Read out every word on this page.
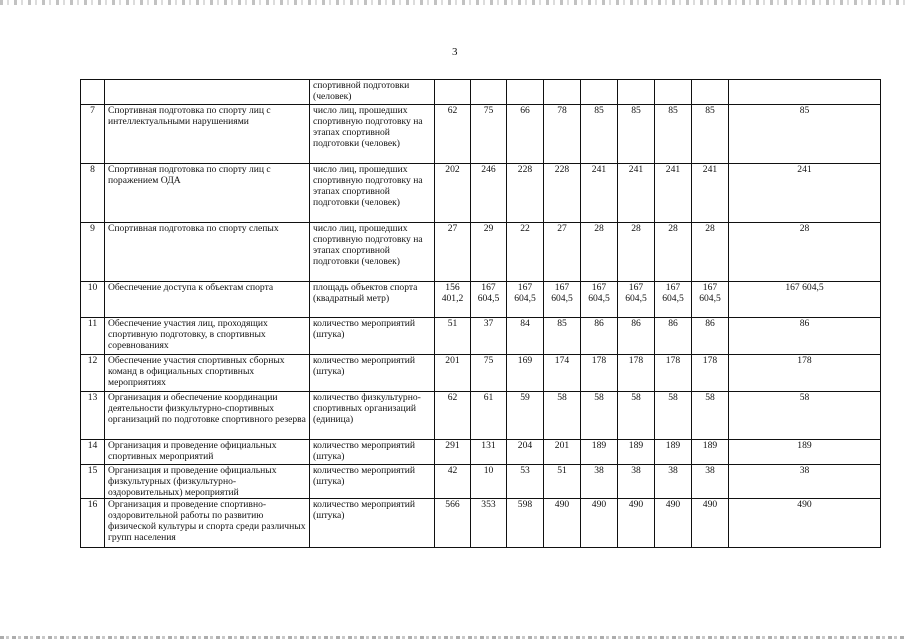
3
		спортивной подготовки (человек)									
7	Спортивная подготовка по спорту лиц с интеллектуальными нарушениями	число лиц, прошедших спортивную подготовку на этапах спортивной подготовки (человек)	62	75	66	78	85	85	85	85	85
8	Спортивная подготовка по спорту лиц с поражением ОДА	число лиц, прошедших спортивную подготовку на этапах спортивной подготовки (человек)	202	246	228	228	241	241	241	241	241
9	Спортивная подготовка по спорту слепых	число лиц, прошедших спортивную подготовку на этапах спортивной подготовки (человек)	27	29	22	27	28	28	28	28	28
10	Обеспечение доступа к объектам спорта	площадь объектов спорта (квадратный метр)	156 401,2	167 604,5	167 604,5	167 604,5	167 604,5	167 604,5	167 604,5	167 604,5	167 604,5
11	Обеспечение участия лиц, проходящих спортивную подготовку, в спортивных соревнованиях	количество мероприятий (штука)	51	37	84	85	86	86	86	86	86
12	Обеспечение участия спортивных сборных команд в официальных спортивных мероприятиях	количество мероприятий (штука)	201	75	169	174	178	178	178	178	178
13	Организация и обеспечение координации деятельности физкультурно-спортивных организаций по подготовке спортивного резерва	количество физкультурно-спортивных организаций (единица)	62	61	59	58	58	58	58	58	58
14	Организация и проведение официальных спортивных мероприятий	количество мероприятий (штука)	291	131	204	201	189	189	189	189	189
15	Организация и проведение официальных физкультурных (физкультурно-оздоровительных) мероприятий	количество мероприятий (штука)	42	10	53	51	38	38	38	38	38
16	Организация и проведение спортивно-оздоровительной работы по развитию физической культуры и спорта среди различных групп населения	количество мероприятий (штука)	566	353	598	490	490	490	490	490	490
